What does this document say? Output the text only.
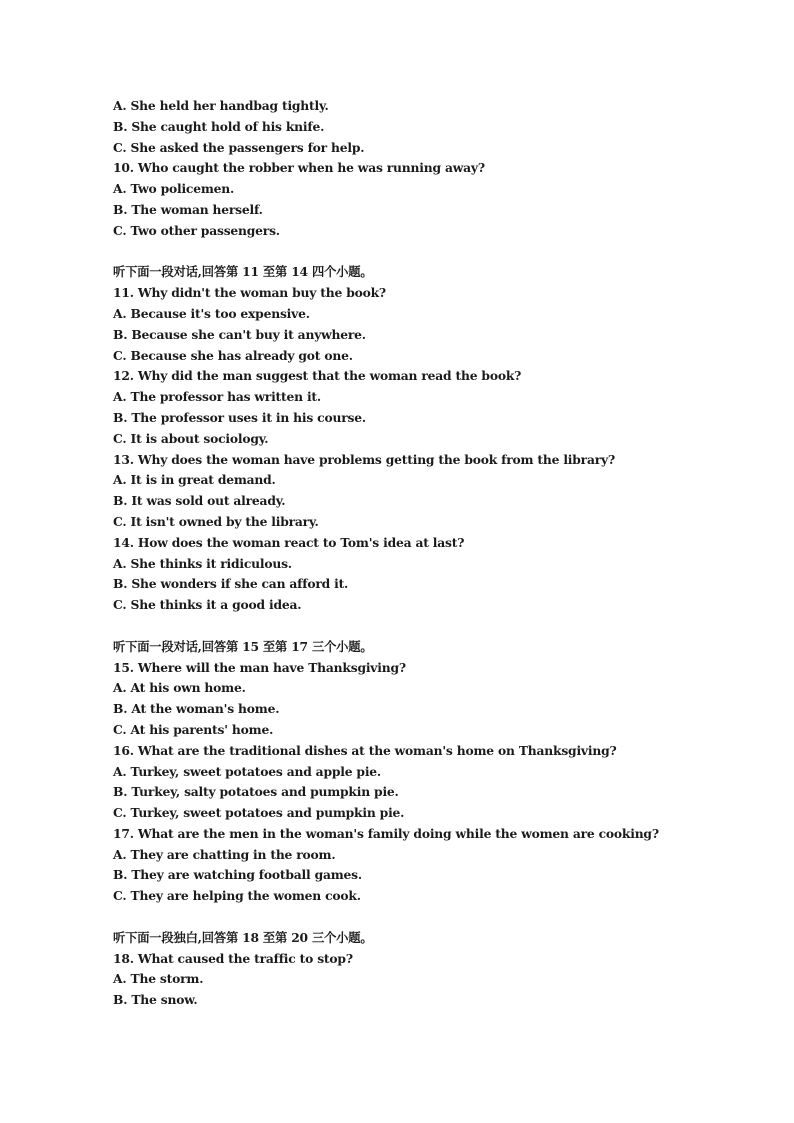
A. She held her handbag tightly.
B. She caught hold of his knife.
C. She asked the passengers for help.
10. Who caught the robber when he was running away?
A. Two policemen.
B. The woman herself.
C. Two other passengers.
听下面一段对话,回答第 11 至第 14 四个小题。
11. Why didn't the woman buy the book?
A. Because it's too expensive.
B. Because she can't buy it anywhere.
C. Because she has already got one.
12. Why did the man suggest that the woman read the book?
A. The professor has written it.
B. The professor uses it in his course.
C. It is about sociology.
13. Why does the woman have problems getting the book from the library?
A. It is in great demand.
B. It was sold out already.
C. It isn't owned by the library.
14. How does the woman react to Tom's idea at last?
A. She thinks it ridiculous.
B. She wonders if she can afford it.
C. She thinks it a good idea.
听下面一段对话,回答第 15 至第 17 三个小题。
15. Where will the man have Thanksgiving?
A. At his own home.
B. At the woman's home.
C. At his parents' home.
16. What are the traditional dishes at the woman's home on Thanksgiving?
A. Turkey, sweet potatoes and apple pie.
B. Turkey, salty potatoes and pumpkin pie.
C. Turkey, sweet potatoes and pumpkin pie.
17. What are the men in the woman's family doing while the women are cooking?
A. They are chatting in the room.
B. They are watching football games.
C. They are helping the women cook.
听下面一段独白,回答第 18 至第 20 三个小题。
18. What caused the traffic to stop?
A. The storm.
B. The snow.
